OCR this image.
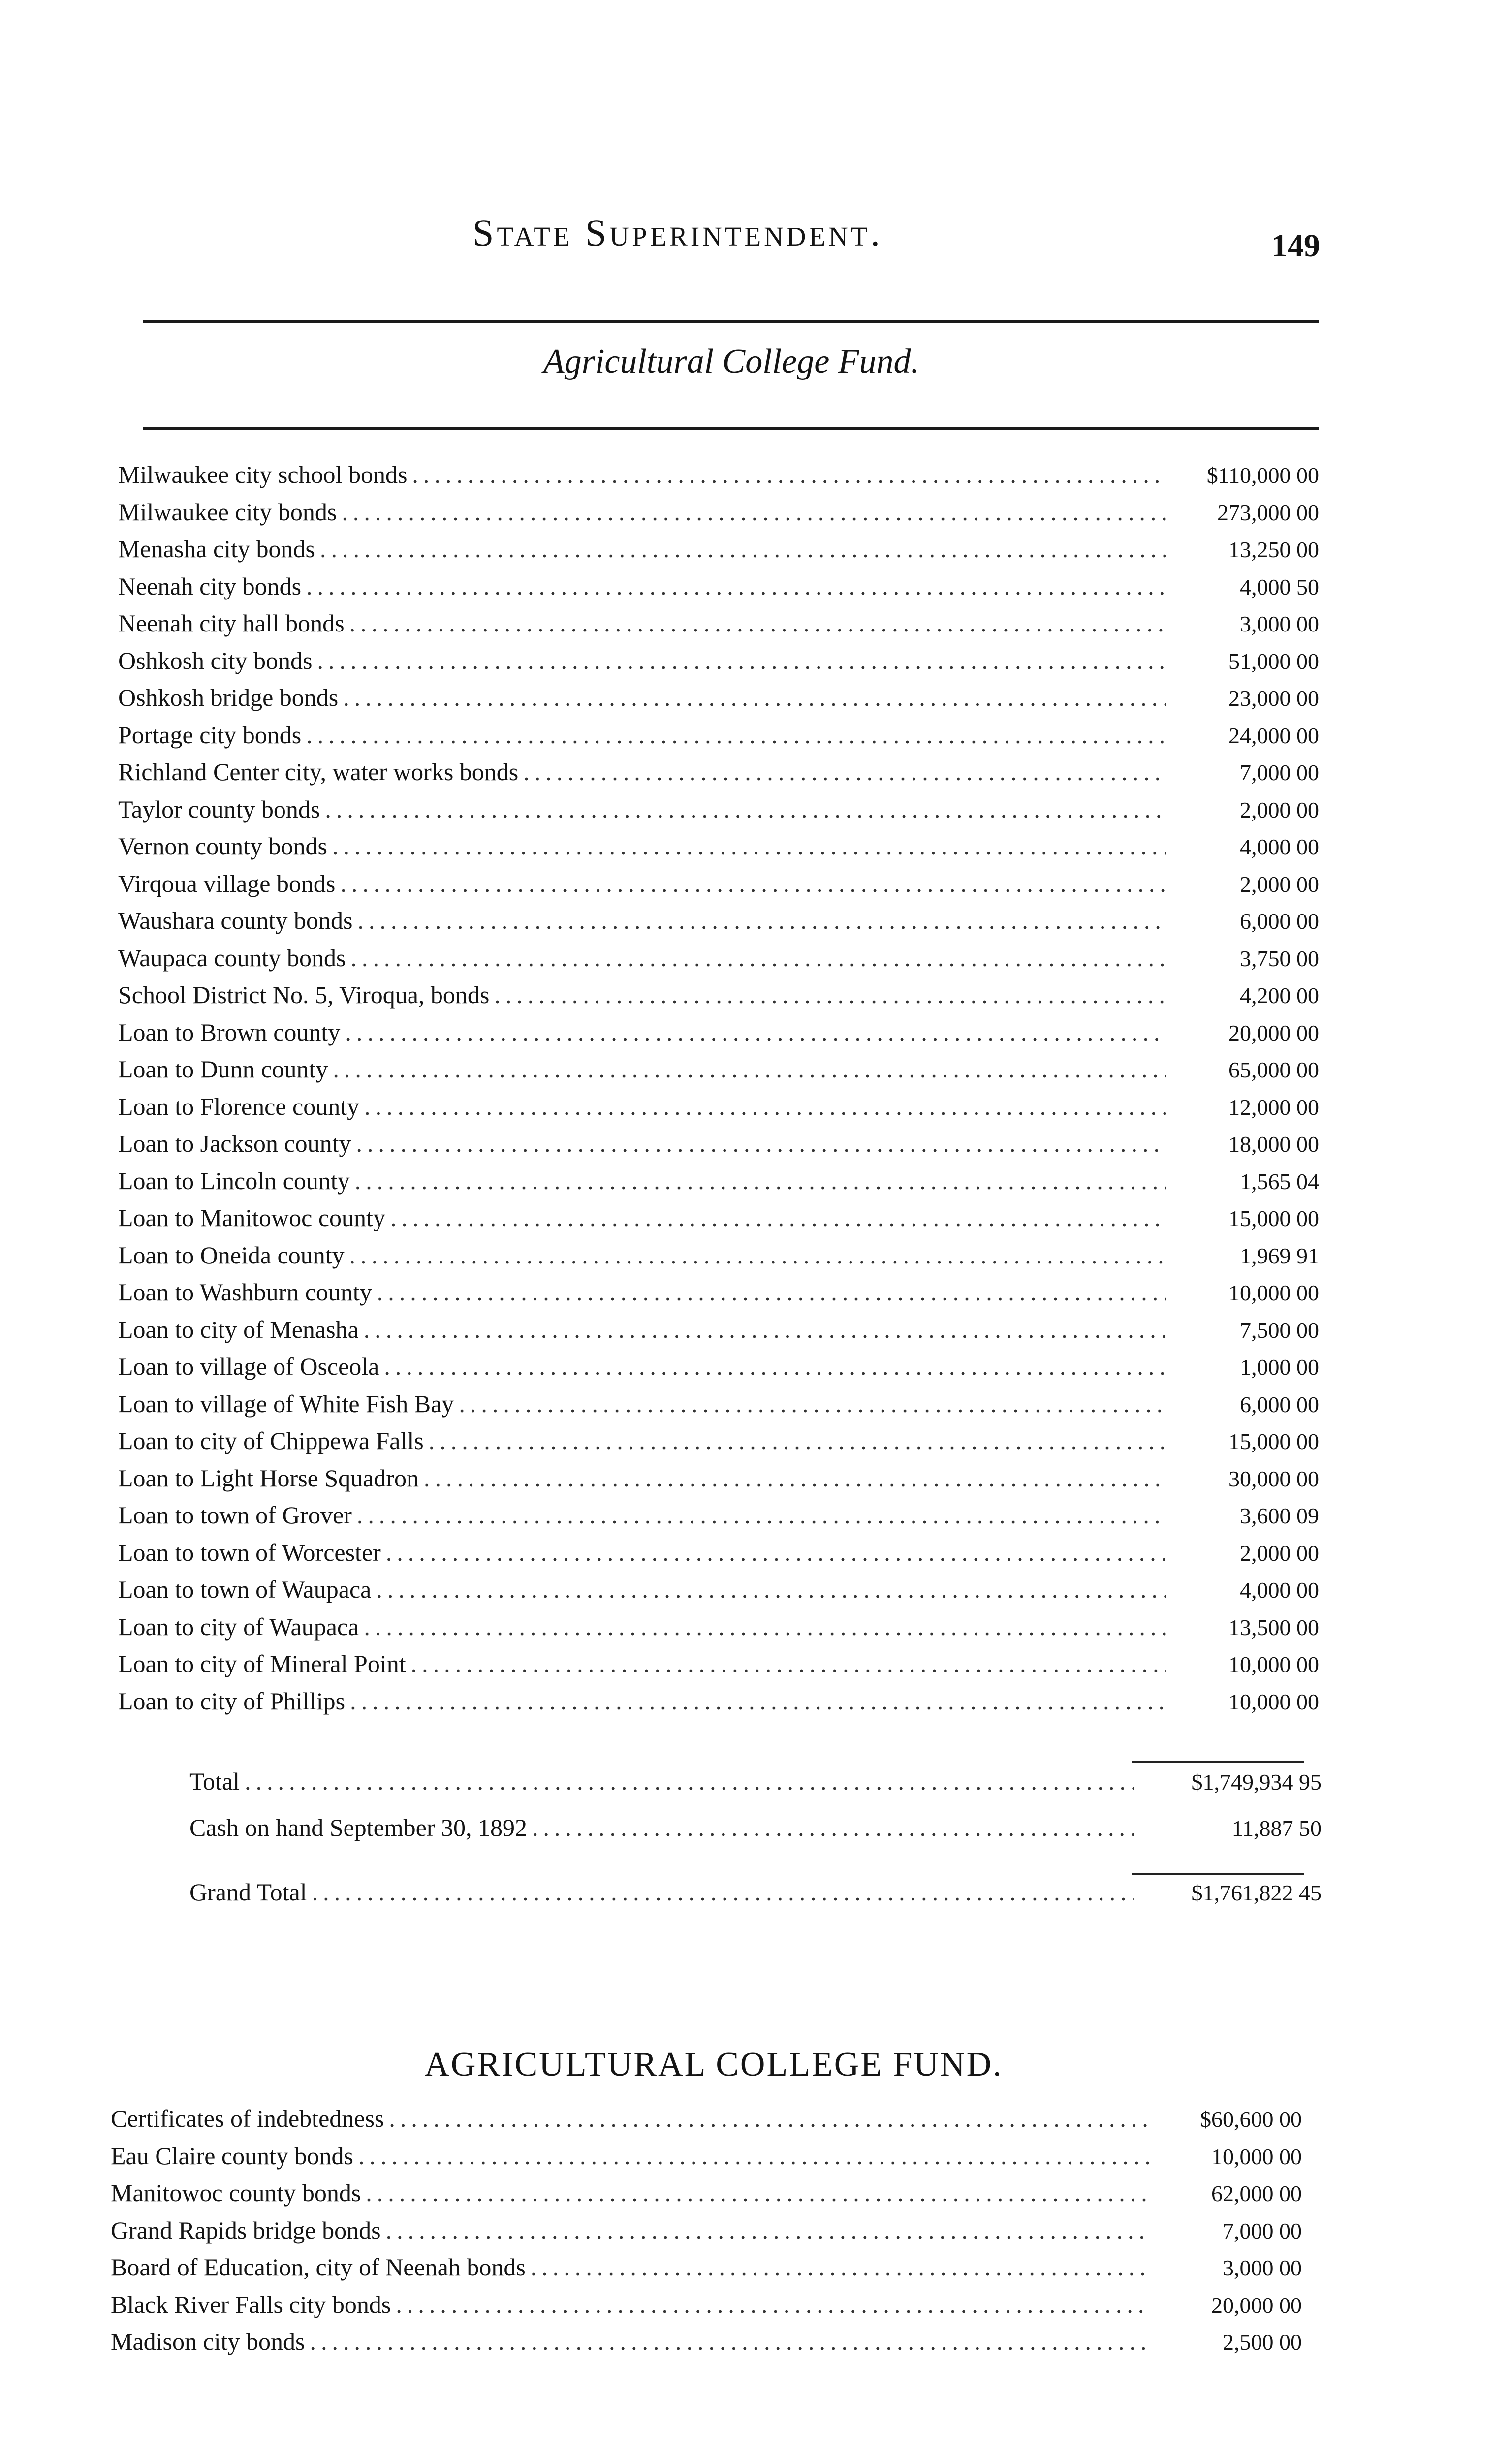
State Superintendent.	149
Agricultural College Fund.
Milwaukee city school bonds .....	$110,000 00
Milwaukee city bonds .....	273,000 00
Menasha city bonds .....	13,250 00
Neenah city bonds .....	4,000 50
Neenah city hall bonds .....	3,000 00
Oshkosh city bonds .....	51,000 00
Oshkosh bridge bonds .....	23,000 00
Portage city bonds .....	24,000 00
Richland Center city, water works bonds .....	7,000 00
Taylor county bonds .....	2,000 00
Vernon county bonds .....	4,000 00
Virqoua village bonds .....	2,000 00
Waushara county bonds .....	6,000 00
Waupaca county bonds .....	3,750 00
School District No. 5, Viroqua, bonds .....	4,200 00
Loan to Brown county .....	20,000 00
Loan to Dunn county .....	65,000 00
Loan to Florence county .....	12,000 00
Loan to Jackson county .....	18,000 00
Loan to Lincoln county .....	1,565 04
Loan to Manitowoc county .....	15,000 00
Loan to Oneida county .....	1,969 91
Loan to Washburn county .....	10,000 00
Loan to city of Menasha .....	7,500 00
Loan to village of Osceola .....	1,000 00
Loan to village of White Fish Bay .....	6,000 00
Loan to city of Chippewa Falls .....	15,000 00
Loan to Light Horse Squadron .....	30,000 00
Loan to town of Grover .....	3,600 09
Loan to town of Worcester .....	2,000 00
Loan to town of Waupaca .....	4,000 00
Loan to city of Waupaca .....	13,500 00
Loan to city of Mineral Point .....	10,000 00
Loan to city of Phillips .....	10,000 00
Total .....	$1,749,934 95
Cash on hand September 30, 1892 .....	11,887 50
Grand Total .....	$1,761,822 45
AGRICULTURAL COLLEGE FUND.
Certificates of indebtedness .....	$60,600 00
Eau Claire county bonds .....	10,000 00
Manitowoc county bonds .....	62,000 00
Grand Rapids bridge bonds .....	7,000 00
Board of Education, city of Neenah bonds .....	3,000 00
Black River Falls city bonds .....	20,000 00
Madison city bonds .....	2,500 00
